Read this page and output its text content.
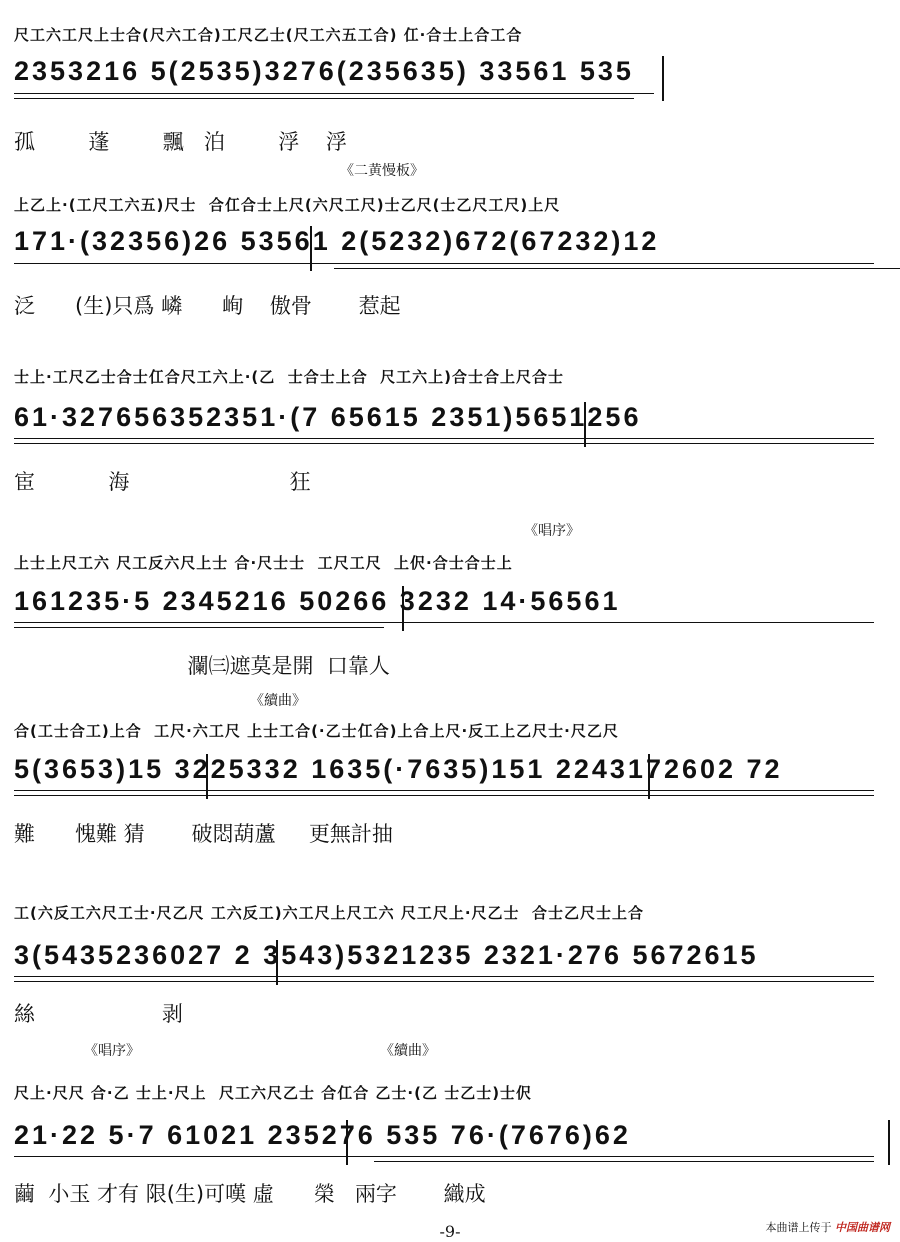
尺工六工尺上士合(尺六工合)工尺乙士(尺工六五工合) 仜·合士上合工合
2353216 5(2535)3276(235635) 33561 535
孤        蓬        飄   泊        浮    浮
《二黄慢板》
上乙上·(工尺工六五)尺士  合仜合士上尺(六尺工尺)士乙尺(士乙尺工尺)上尺
171·(32356)26 53561 2(5232)672(67232)12
泛      (生)只爲 嶙      峋    傲骨       惹起
士上·工尺乙士合士仜合尺工六上·(乙  士合士上合  尺工六上)合士合上尺合士
61·327656352351·(7 65615 2351)5651256
宦           海                        狂
《唱序》
上士上尺工六 尺工反六尺上士 合·尺士士  工尺工尺  上伬·合士合士上
161235·5 2345216 50266 3232 14·56561
瀾㈢遮莫是開  口靠人
《續曲》
合(工士合工)上合  工尺·六工尺 上士工合(·乙士仜合)上合上尺·反工上乙尺士·尺乙尺
5(3653)15 3225332 1635(·7635)151 2243172602 72
難      愧難 猜       破悶葫蘆     更無計抽
工(六反工六尺工士·尺乙尺 工六反工)六工尺上尺工六 尺工尺上·尺乙士  合士乙尺士上合
3(5435236027 2 3543)5321235 2321·276 5672615
絲                   剥
《唱序》	《續曲》
尺上·尺尺 合·乙 士上·尺上  尺工六尺乙士 合仜合 乙士·(乙 士乙士)士伬
21·22 5·7 61021 235276 535 76·(7676)62
繭  小玉 才有 限(生)可嘆 虛      榮   兩字       織成
-9-	本曲谱上传于 中国曲谱网
